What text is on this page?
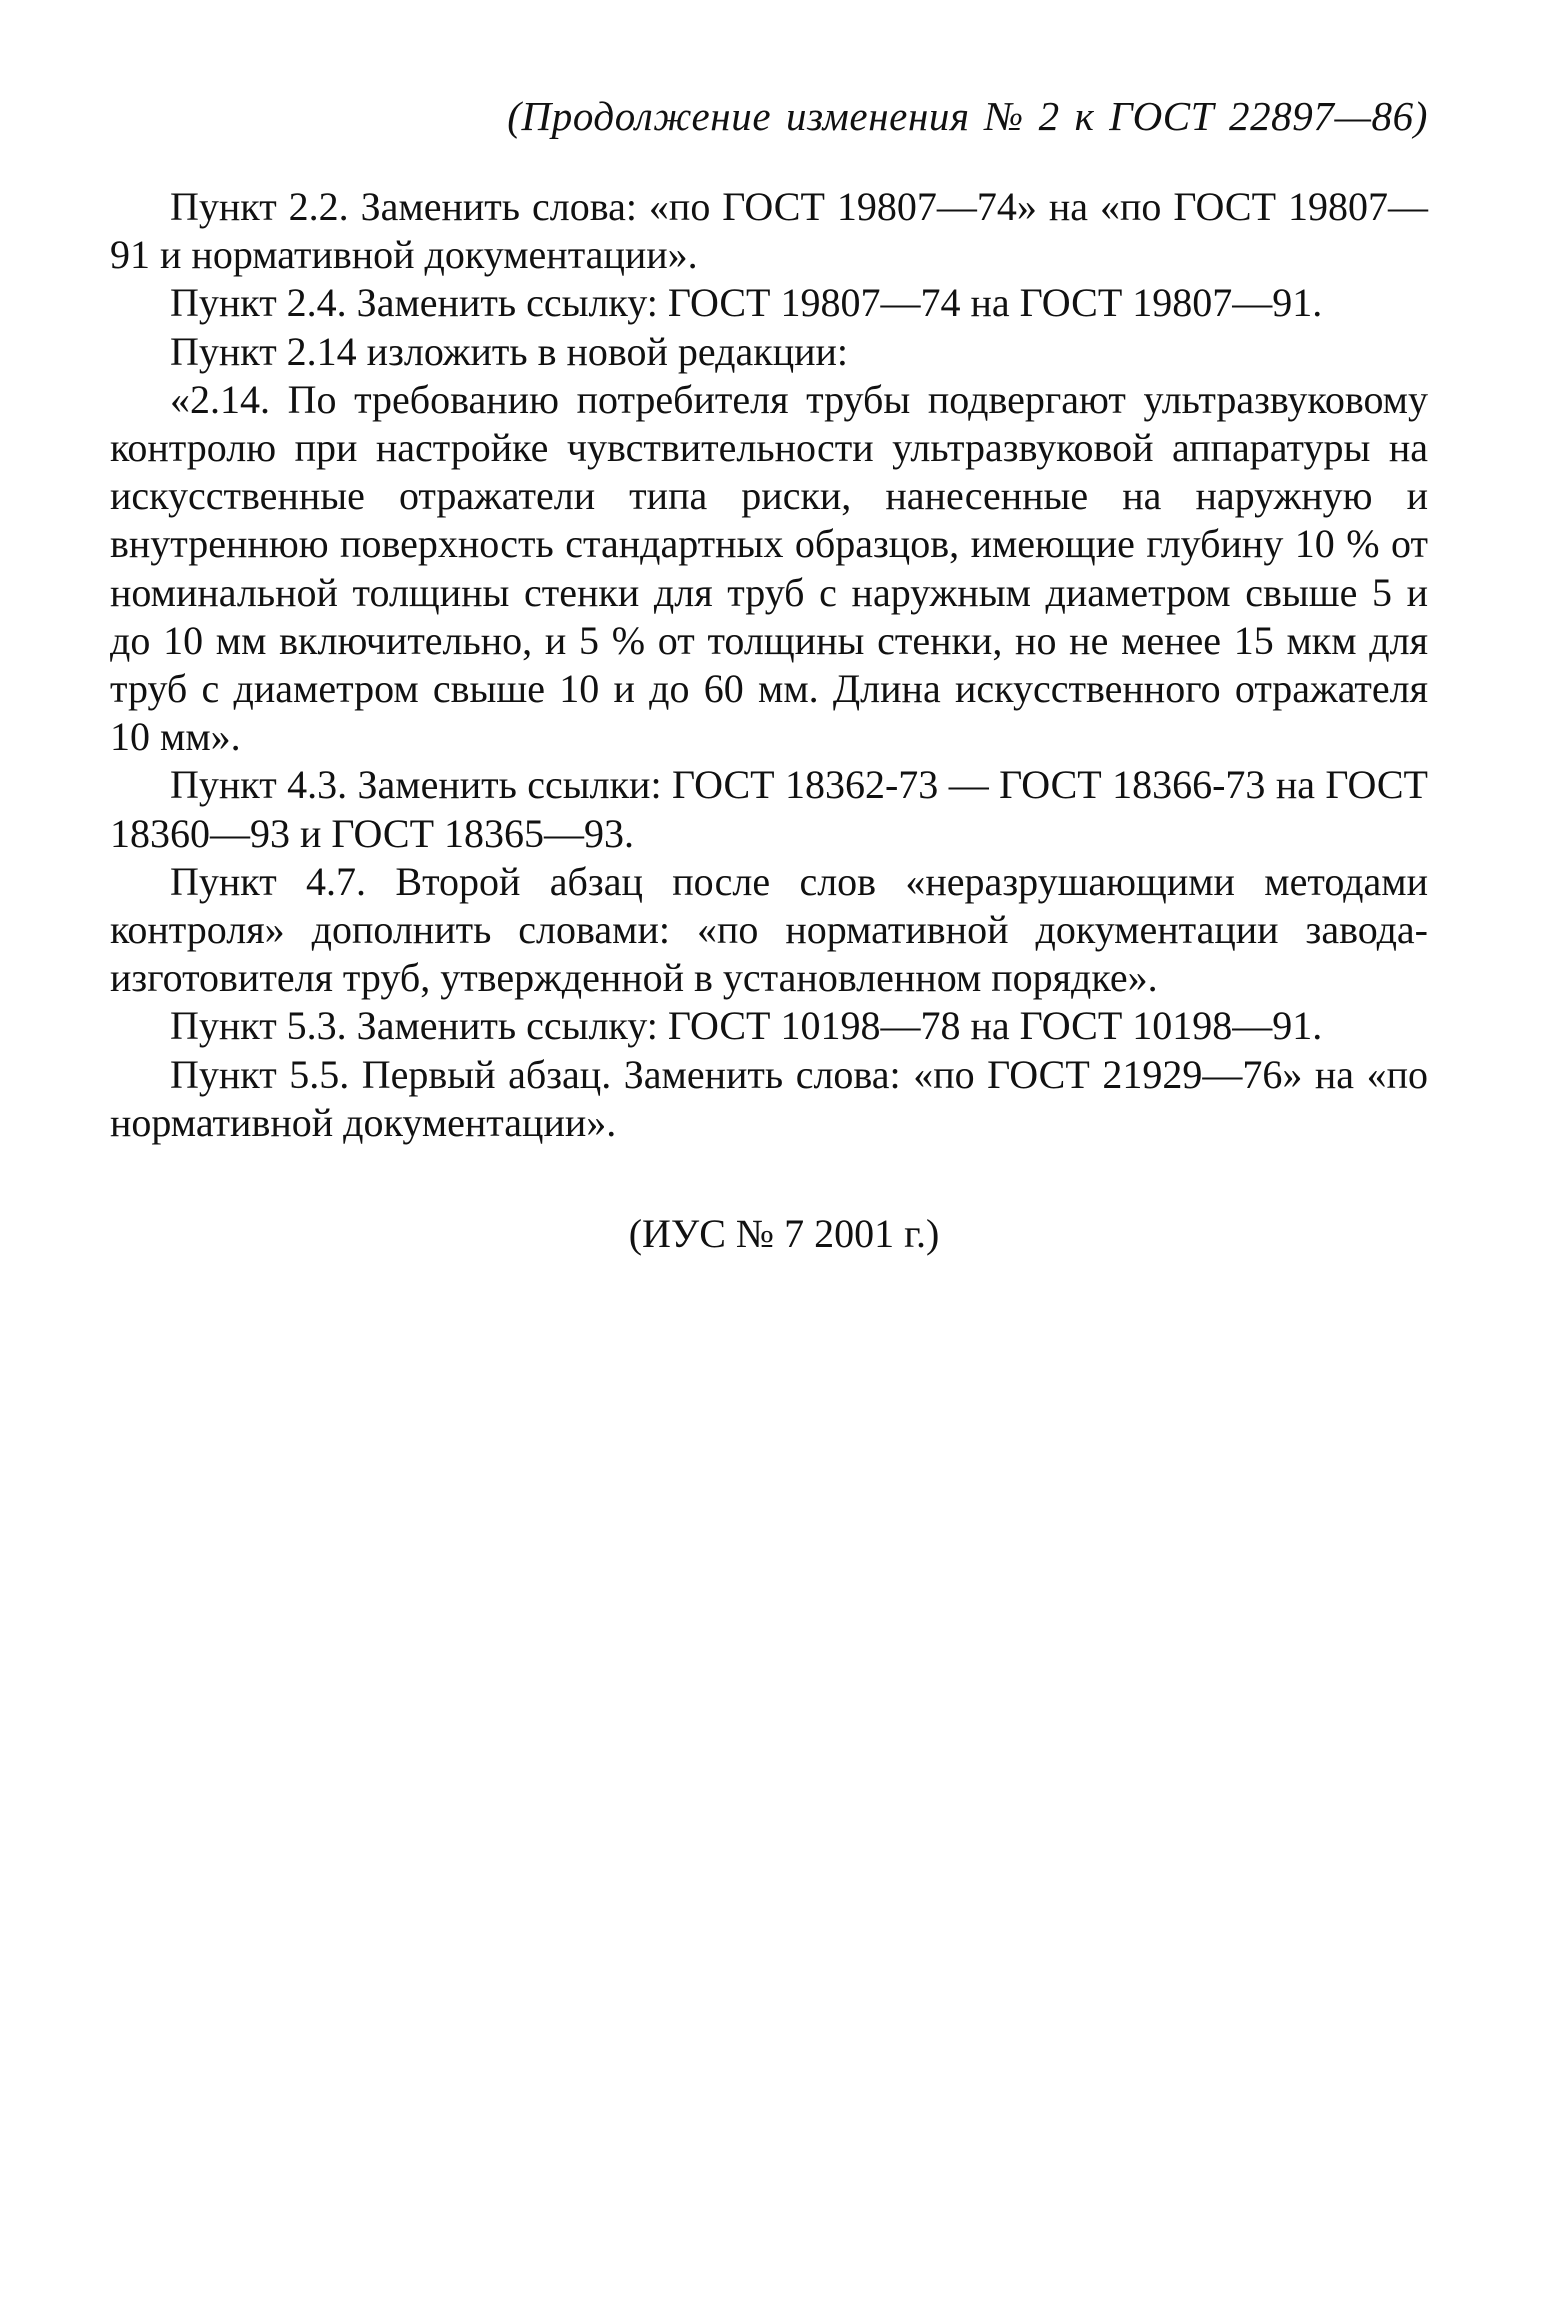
(Продолжение изменения № 2 к ГОСТ 22897—86)

Пункт 2.2. Заменить слова: «по ГОСТ 19807—74» на «по ГОСТ 19807—91 и нормативной документации».

Пункт 2.4. Заменить ссылку: ГОСТ 19807—74 на ГОСТ 19807—91.

Пункт 2.14 изложить в новой редакции:

«2.14. По требованию потребителя трубы подвергают ультразвуковому контролю при настройке чувствительности ультразвуковой аппаратуры на искусственные отражатели типа риски, нанесенные на наружную и внутреннюю поверхность стандартных образцов, имеющие глубину 10 % от номинальной толщины стенки для труб с наружным диаметром свыше 5 и до 10 мм включительно, и 5 % от толщины стенки, но не менее 15 мкм для труб с диаметром свыше 10 и до 60 мм. Длина искусственного отражателя 10 мм».

Пункт 4.3. Заменить ссылки: ГОСТ 18362-73 — ГОСТ 18366-73 на ГОСТ 18360—93 и ГОСТ 18365—93.

Пункт 4.7. Второй абзац после слов «неразрушающими методами контроля» дополнить словами: «по нормативной документации завода-изготовителя труб, утвержденной в установленном порядке».

Пункт 5.3. Заменить ссылку: ГОСТ 10198—78 на ГОСТ 10198—91.

Пункт 5.5. Первый абзац. Заменить слова: «по ГОСТ 21929—76» на «по нормативной документации».

(ИУС № 7 2001 г.)
